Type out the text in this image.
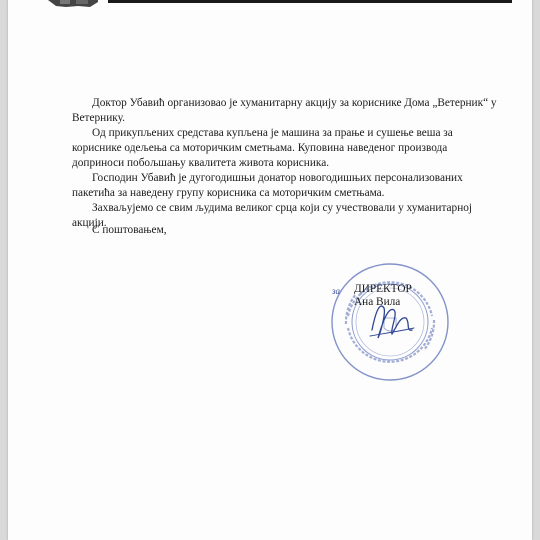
Доктор Убавић организовао је хуманитарну акцију за кориснике Дома „Ветерник“ у Ветернику.

Од прикупљених средстава купљена је машина за прање и сушење веша за кориснике одељења са моторичким сметњама. Куповина наведеног производа доприноси побољшању квалитета живота корисника.

Господин Убавић је дугогодишњи донатор новогодишњих персонализованих пакетића за наведену групу корисника са моторичким сметњама.

Захваљујемо се свим људима великог срца који су учествовали у хуманитарној акцији.

С поштовањем,
за ДИРЕКТОР
Ана Вила
